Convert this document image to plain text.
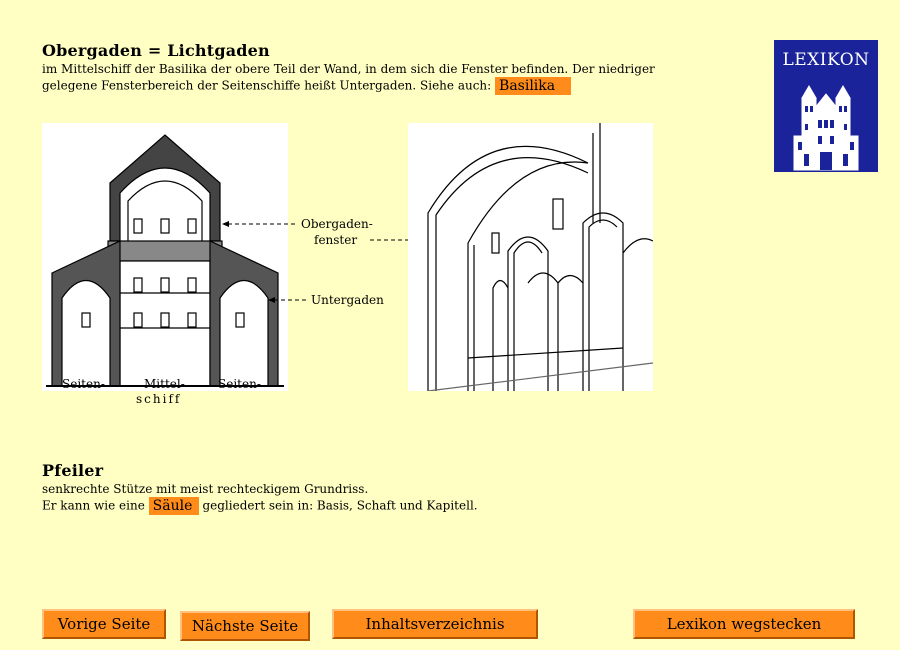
Obergaden = Lichtgaden
im Mittelschiff der Basilika der obere Teil der Wand, in dem sich die Fenster befinden. Der niedriger
gelegene Fensterbereich der Seitenschiffe heißt Untergaden. Siehe auch: Basilika
LEXIKON
Seiten-	Mittel-	Seiten-
schiff
Obergaden-
fenster
Untergaden
Pfeiler
senkrechte Stütze mit meist rechteckigem Grundriss.
Er kann wie eine Säule gegliedert sein in: Basis, Schaft und Kapitell.
Vorige Seite	Nächste Seite	Inhaltsverzeichnis	Lexikon wegstecken
